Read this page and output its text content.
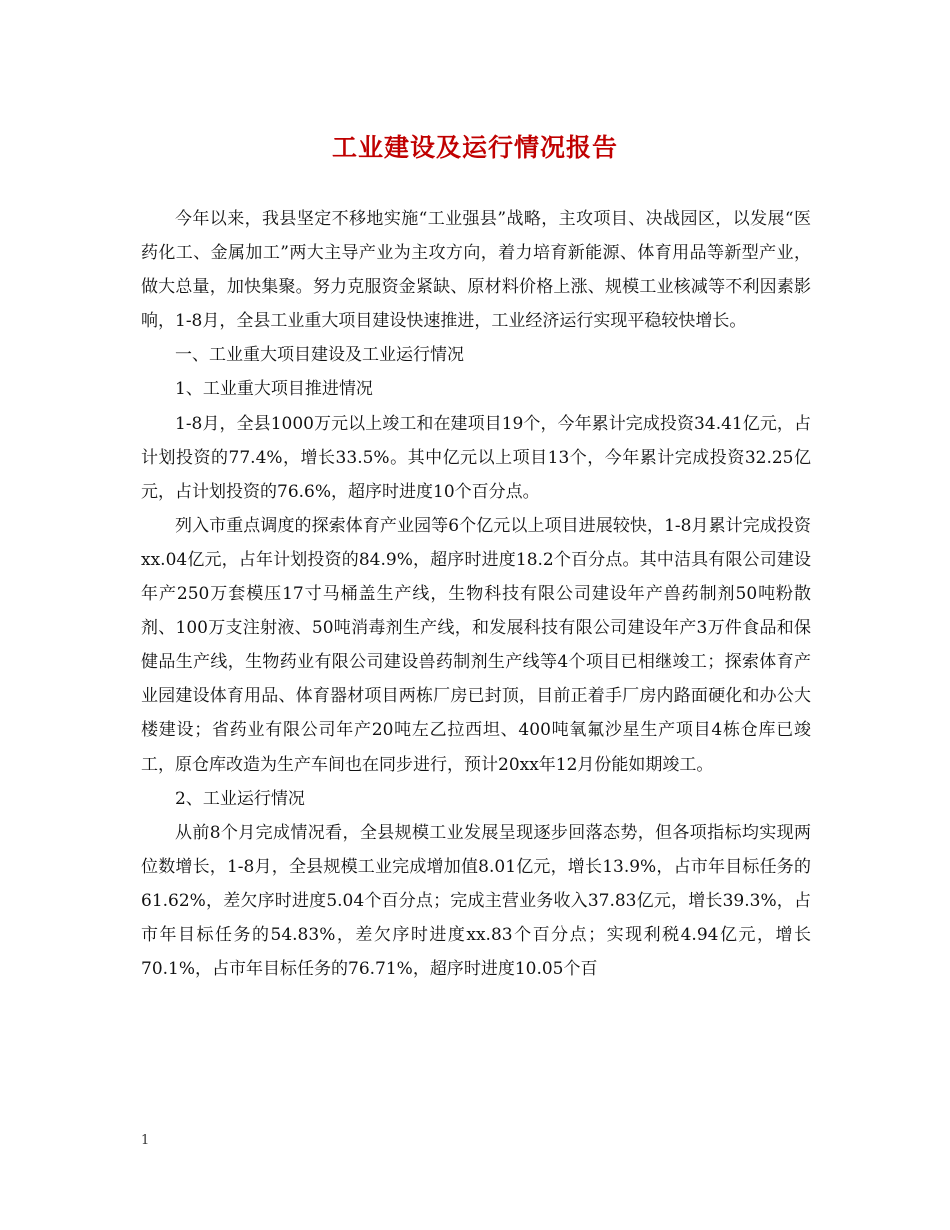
工业建设及运行情况报告

今年以来，我县坚定不移地实施“工业强县”战略，主攻项目、决战园区，以发展“医药化工、金属加工”两大主导产业为主攻方向，着力培育新能源、体育用品等新型产业，做大总量，加快集聚。努力克服资金紧缺、原材料价格上涨、规模工业核减等不利因素影响，1-8月，全县工业重大项目建设快速推进，工业经济运行实现平稳较快增长。

一、工业重大项目建设及工业运行情况

1、工业重大项目推进情况

1-8月，全县1000万元以上竣工和在建项目19个，今年累计完成投资34.41亿元，占计划投资的77.4%，增长33.5%。其中亿元以上项目13个，今年累计完成投资32.25亿元，占计划投资的76.6%，超序时进度10个百分点。

列入市重点调度的探索体育产业园等6个亿元以上项目进展较快，1-8月累计完成投资xx.04亿元，占年计划投资的84.9%，超序时进度18.2个百分点。其中洁具有限公司建设年产250万套模压17寸马桶盖生产线，生物科技有限公司建设年产兽药制剂50吨粉散剂、100万支注射液、50吨消毒剂生产线，和发展科技有限公司建设年产3万件食品和保健品生产线，生物药业有限公司建设兽药制剂生产线等4个项目已相继竣工；探索体育产业园建设体育用品、体育器材项目两栋厂房已封顶，目前正着手厂房内路面硬化和办公大楼建设；省药业有限公司年产20吨左乙拉西坦、400吨氧氟沙星生产项目4栋仓库已竣工，原仓库改造为生产车间也在同步进行，预计20xx年12月份能如期竣工。

2、工业运行情况

从前8个月完成情况看，全县规模工业发展呈现逐步回落态势，但各项指标均实现两位数增长，1-8月，全县规模工业完成增加值8.01亿元，增长13.9%，占市年目标任务的61.62%，差欠序时进度5.04个百分点；完成主营业务收入37.83亿元，增长39.3%，占市年目标任务的54.83%，差欠序时进度xx.83个百分点；实现利税4.94亿元，增长70.1%，占市年目标任务的76.71%，超序时进度10.05个百

1
